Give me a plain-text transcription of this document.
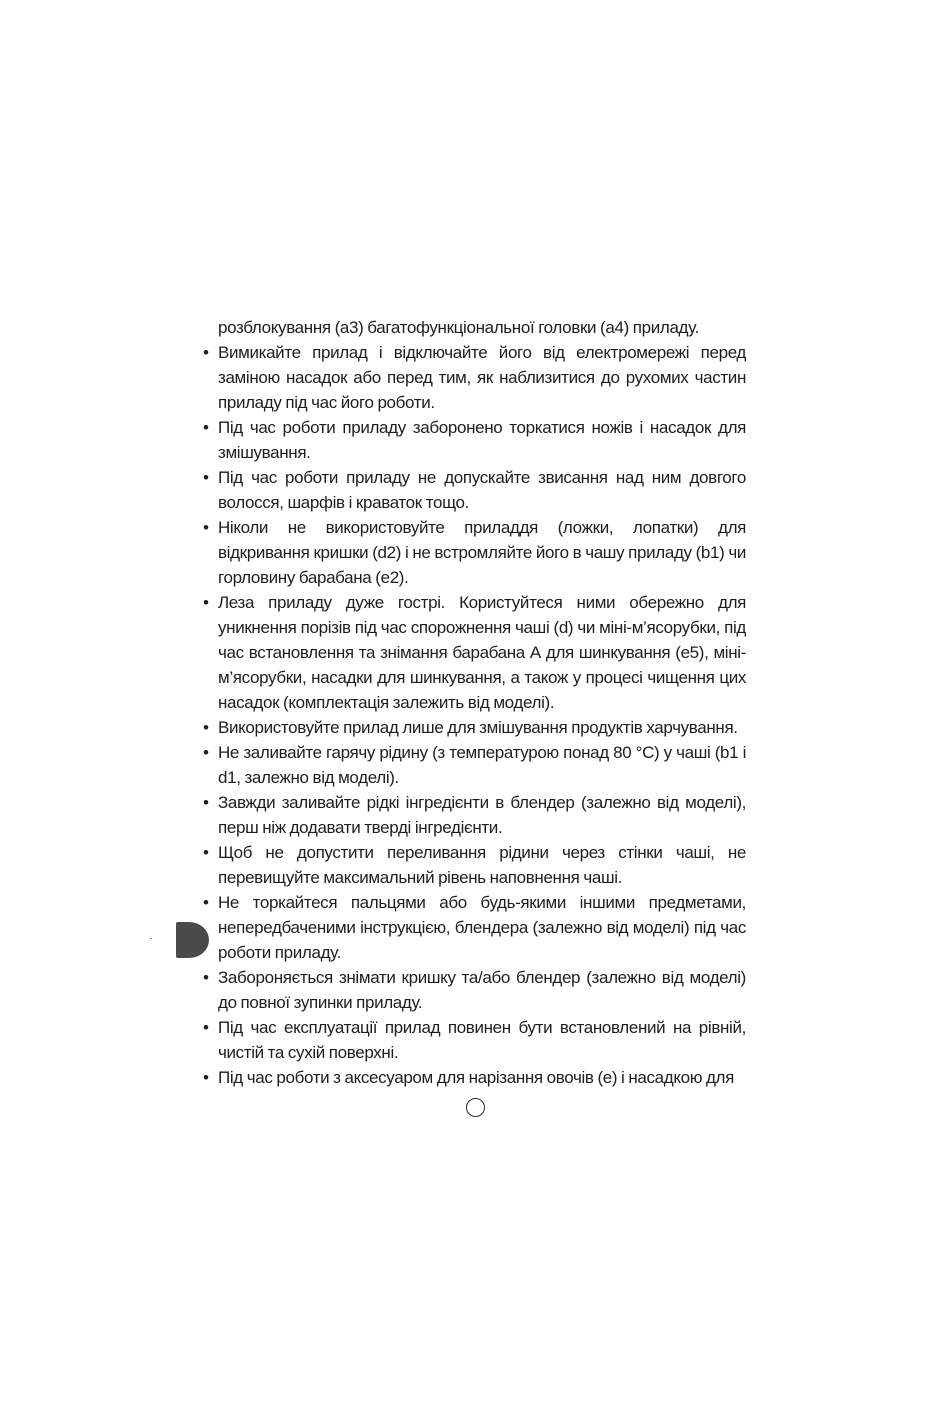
розблокування (а3) багатофункціональної головки (а4) приладу.

• Вимикайте прилад і відключайте його від електромережі перед заміною насадок або перед тим, як наблизитися до рухомих частин приладу під час його роботи.
• Під час роботи приладу заборонено торкатися ножів і насадок для змішування.
• Під час роботи приладу не допускайте звисання над ним довгого волосся, шарфів і краваток тощо.
• Ніколи не використовуйте приладдя (ложки, лопатки) для відкривання кришки (d2) і не встромляйте його в чашу приладу (b1) чи горловину барабана (e2).
• Леза приладу дуже гострі. Користуйтеся ними обережно для уникнення порізів під час спорожнення чаші (d) чи міні-м’ясорубки, під час встановлення та знімання барабана А для шинкування (e5), міні-м’ясорубки, насадки для шинкування, а також у процесі чищення цих насадок (комплектація залежить від моделі).
• Використовуйте прилад лише для змішування продуктів харчування.
• Не заливайте гарячу рідину (з температурою понад 80 °C) у чаші (b1 і d1, залежно від моделі).
• Завжди заливайте рідкі інгредієнти в блендер (залежно від моделі), перш ніж додавати тверді інгредієнти.
• Щоб не допустити переливання рідини через стінки чаші, не перевищуйте максимальний рівень наповнення чаші.
• Не торкайтеся пальцями або будь-якими іншими предметами, непередбаченими інструкцією, блендера (залежно від моделі) під час роботи приладу.
• Забороняється знімати кришку та/або блендер (залежно від моделі) до повної зупинки приладу.
• Під час експлуатації прилад повинен бути встановлений на рівній, чистій та сухій поверхні.
• Під час роботи з аксесуаром для нарізання овочів (e) і насадкою для
